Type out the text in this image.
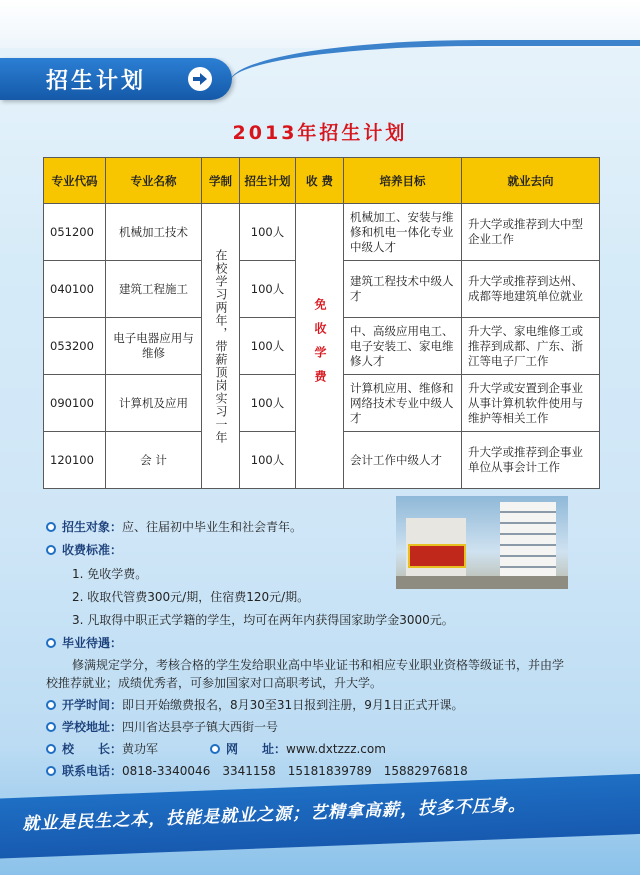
招生计划
2013年招生计划
专业代码	专业名称	学制	招生计划	收 费	培养目标	就业去向
051200	机械加工技术	在校学习两年，带薪顶岗实习一年	100人	免收学费	机械加工、安装与维修和机电一体化专业中级人才	升大学或推荐到大中型企业工作
040100	建筑工程施工		100人		建筑工程技术中级人才	升大学或推荐到达州、成都等地建筑单位就业
053200	电子电器应用与维修		100人		中、高级应用电工、电子安装工、家电维修人才	升大学、家电维修工或推荐到成都、广东、浙江等电子厂工作
090100	计算机及应用		100人		计算机应用、维修和网络技术专业中级人才	升大学或安置到企事业从事计算机软件使用与维护等相关工作
120100	会 计		100人		会计工作中级人才	升大学或推荐到企事业单位从事会计工作
招生对象：应、往届初中毕业生和社会青年。
收费标准：
1. 免收学费。
2. 收取代管费300元/期，住宿费120元/期。
3. 凡取得中职正式学籍的学生，均可在两年内获得国家助学金3000元。
毕业待遇：
修满规定学分，考核合格的学生发给职业高中毕业证书和相应专业职业资格等级证书，并由学
校推荐就业；成绩优秀者，可参加国家对口高职考试，升大学。
开学时间：即日开始缴费报名，8月30至31日报到注册，9月1日正式开课。
学校地址：四川省达县亭子镇大西街一号
校　　长：黄功军	网　　址：www.dxtzzz.com
联系电话：0818-3340046　3341158　15181839789　15882976818
就业是民生之本，技能是就业之源；艺精拿高薪，技多不压身。
